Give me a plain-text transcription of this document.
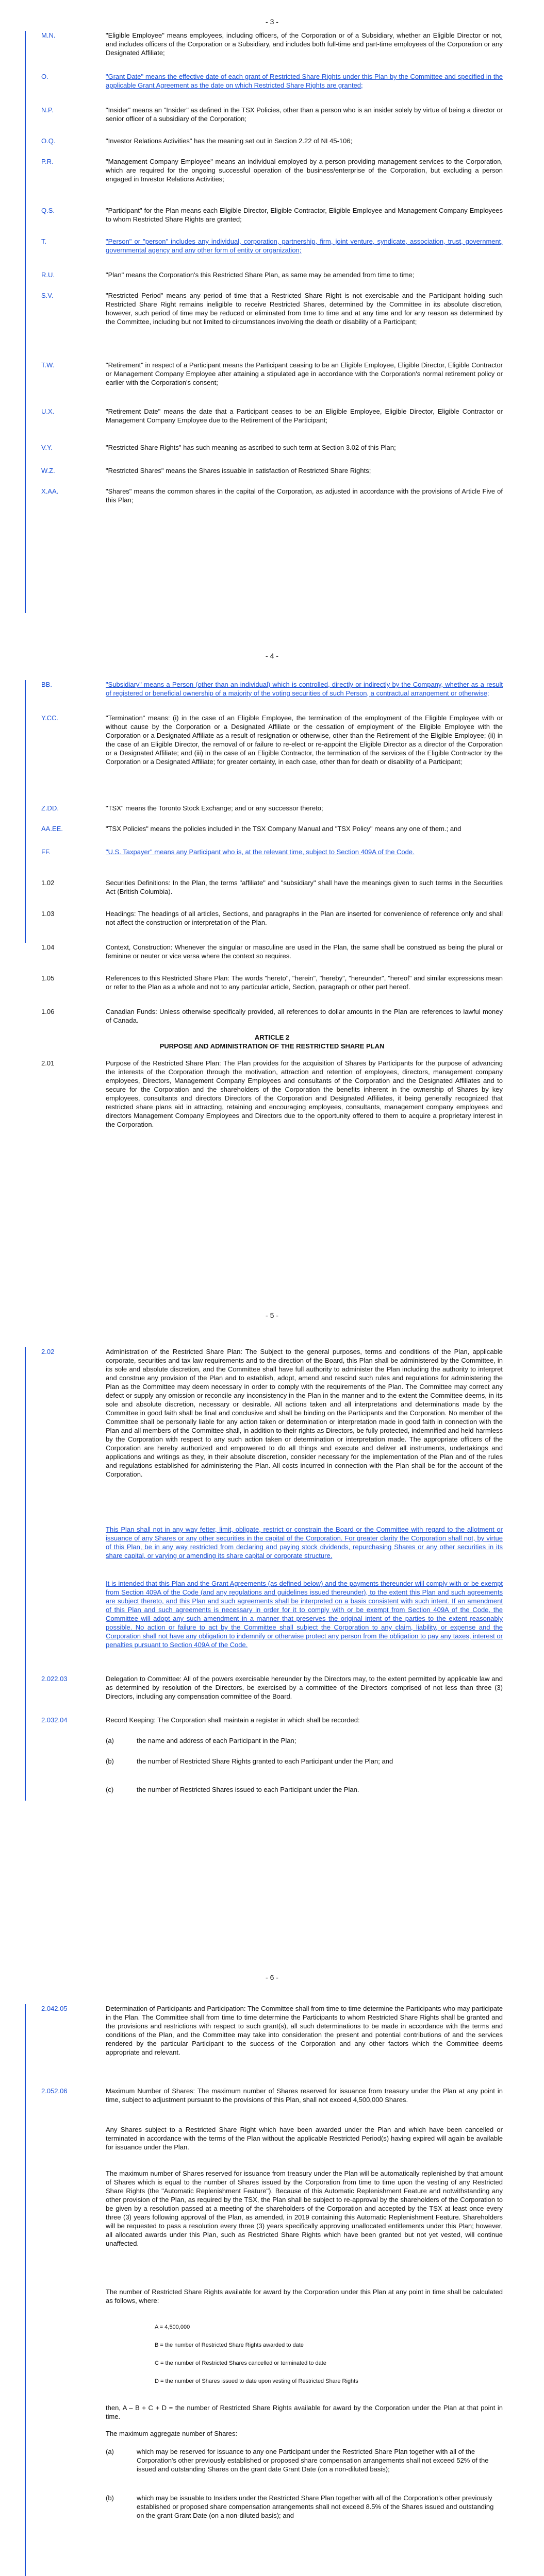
- 3 -

M.N.	"Eligible Employee" means employees, including officers, of the Corporation or of a Subsidiary, whether an Eligible Director or not, and includes officers of the Corporation or a Subsidiary, and includes both full-time and part-time employees of the Corporation or any Designated Affiliate;
O.	"Grant Date" means the effective date of each grant of Restricted Share Rights under this Plan by the Committee and specified in the applicable Grant Agreement as the date on which Restricted Share Rights are granted;
N.P.	"Insider" means an "Insider" as defined in the TSX Policies, other than a person who is an insider solely by virtue of being a director or senior officer of a subsidiary of the Corporation;
O.Q.	"Investor Relations Activities" has the meaning set out in Section 2.22 of NI 45-106;
P.R.	"Management Company Employee" means an individual employed by a person providing management services to the Corporation, which are required for the ongoing successful operation of the business/enterprise of the Corporation, but excluding a person engaged in Investor Relations Activities;
Q.S.	"Participant" for the Plan means each Eligible Director, Eligible Contractor, Eligible Employee and Management Company Employees to whom Restricted Share Rights are granted;
T.	"Person" or "person" includes any individual, corporation, partnership, firm, joint venture, syndicate, association, trust, government, governmental agency and any other form of entity or organization;
R.U.	"Plan" means the Corporation's this Restricted Share Plan, as same may be amended from time to time;
S.V.	"Restricted Period" means any period of time that a Restricted Share Right is not exercisable and the Participant holding such Restricted Share Right remains ineligible to receive Restricted Shares, determined by the Committee in its absolute discretion, however, such period of time may be reduced or eliminated from time to time and at any time and for any reason as determined by the Committee, including but not limited to circumstances involving the death or disability of a Participant;
T.W.	"Retirement" in respect of a Participant means the Participant ceasing to be an Eligible Employee, Eligible Director, Eligible Contractor or Management Company Employee after attaining a stipulated age in accordance with the Corporation's normal retirement policy or earlier with the Corporation's consent;
U.X.	"Retirement Date" means the date that a Participant ceases to be an Eligible Employee, Eligible Director, Eligible Contractor or Management Company Employee due to the Retirement of the Participant;
V.Y.	"Restricted Share Rights" has such meaning as ascribed to such term at Section 3.02 of this Plan;
W.Z.	"Restricted Shares" means the Shares issuable in satisfaction of Restricted Share Rights;
X.AA.	"Shares" means the common shares in the capital of the Corporation, as adjusted in accordance with the provisions of Article Five of this Plan;

- 4 -

BB.	"Subsidiary" means a Person (other than an individual) which is controlled, directly or indirectly by the Company, whether as a result of registered or beneficial ownership of a majority of the voting securities of such Person, a contractual arrangement or otherwise;
Y.CC.	"Termination" means: (i) in the case of an Eligible Employee, the termination of the employment of the Eligible Employee with or without cause by the Corporation or a Designated Affiliate or the cessation of employment of the Eligible Employee with the Corporation or a Designated Affiliate as a result of resignation or otherwise, other than the Retirement of the Eligible Employee; (ii) in the case of an Eligible Director, the removal of or failure to re-elect or re-appoint the Eligible Director as a director of the Corporation or a Designated Affiliate; and (iii) in the case of an Eligible Contractor, the termination of the services of the Eligible Contractor by the Corporation or a Designated Affiliate; for greater certainty, in each case, other than for death or disability of a Participant;
Z.DD.	"TSX" means the Toronto Stock Exchange; and or any successor thereto;
AA.EE.	"TSX Policies" means the policies included in the TSX Company Manual and "TSX Policy" means any one of them.; and
FF.	"U.S. Taxpayer" means any Participant who is, at the relevant time, subject to Section 409A of the Code.
1.02	Securities Definitions: In the Plan, the terms "affiliate" and "subsidiary" shall have the meanings given to such terms in the Securities Act (British Columbia).
1.03	Headings: The headings of all articles, Sections, and paragraphs in the Plan are inserted for convenience of reference only and shall not affect the construction or interpretation of the Plan.
1.04	Context, Construction: Whenever the singular or masculine are used in the Plan, the same shall be construed as being the plural or feminine or neuter or vice versa where the context so requires.
1.05	References to this Restricted Share Plan: The words "hereto", "herein", "hereby", "hereunder", "hereof" and similar expressions mean or refer to the Plan as a whole and not to any particular article, Section, paragraph or other part hereof.
1.06	Canadian Funds: Unless otherwise specifically provided, all references to dollar amounts in the Plan are references to lawful money of Canada.
ARTICLE 2
PURPOSE AND ADMINISTRATION OF THE RESTRICTED SHARE PLAN
2.01	Purpose of the Restricted Share Plan: The Plan provides for the acquisition of Shares by Participants for the purpose of advancing the interests of the Corporation through the motivation, attraction and retention of employees, directors, management company employees, Directors, Management Company Employees and consultants of the Corporation and the Designated Affiliates and to secure for the Corporation and the shareholders of the Corporation the benefits inherent in the ownership of Shares by key employees, consultants and directors Directors of the Corporation and Designated Affiliates, it being generally recognized that restricted share plans aid in attracting, retaining and encouraging employees, consultants, management company employees and directors Management Company Employees and Directors due to the opportunity offered to them to acquire a proprietary interest in the Corporation.

- 5 -

2.02	Administration of the Restricted Share Plan: The Subject to the general purposes, terms and conditions of the Plan, applicable corporate, securities and tax law requirements and to the direction of the Board, this Plan shall be administered by the Committee, in its sole and absolute discretion, and the Committee shall have full authority to administer the Plan including the authority to interpret and construe any provision of the Plan and to establish, adopt, amend and rescind such rules and regulations for administering the Plan as the Committee may deem necessary in order to comply with the requirements of the Plan. The Committee may correct any defect or supply any omission or reconcile any inconsistency in the Plan in the manner and to the extent the Committee deems, in its sole and absolute discretion, necessary or desirable. All actions taken and all interpretations and determinations made by the Committee in good faith shall be final and conclusive and shall be binding on the Participants and the Corporation. No member of the Committee shall be personally liable for any action taken or determination or interpretation made in good faith in connection with the Plan and all members of the Committee shall, in addition to their rights as Directors, be fully protected, indemnified and held harmless by the Corporation with respect to any such action taken or determination or interpretation made. The appropriate officers of the Corporation are hereby authorized and empowered to do all things and execute and deliver all instruments, undertakings and applications and writings as they, in their absolute discretion, consider necessary for the implementation of the Plan and of the rules and regulations established for administering the Plan. All costs incurred in connection with the Plan shall be for the account of the Corporation.
This Plan shall not in any way fetter, limit, obligate, restrict or constrain the Board or the Committee with regard to the allotment or issuance of any Shares or any other securities in the capital of the Corporation. For greater clarity the Corporation shall not, by virtue of this Plan, be in any way restricted from declaring and paying stock dividends, repurchasing Shares or any other securities in its share capital, or varying or amending its share capital or corporate structure.
It is intended that this Plan and the Grant Agreements (as defined below) and the payments thereunder will comply with or be exempt from Section 409A of the Code (and any regulations and guidelines issued thereunder), to the extent this Plan and such agreements are subject thereto, and this Plan and such agreements shall be interpreted on a basis consistent with such intent. If an amendment of this Plan and such agreements is necessary in order for it to comply with or be exempt from Section 409A of the Code, the Committee will adopt any such amendment in a manner that preserves the original intent of the parties to the extent reasonably possible. No action or failure to act by the Committee shall subject the Corporation to any claim, liability, or expense and the Corporation shall not have any obligation to indemnify or otherwise protect any person from the obligation to pay any taxes, interest or penalties pursuant to Section 409A of the Code.
2.022.03	Delegation to Committee: All of the powers exercisable hereunder by the Directors may, to the extent permitted by applicable law and as determined by resolution of the Directors, be exercised by a committee of the Directors comprised of not less than three (3) Directors, including any compensation committee of the Board.
2.032.04	Record Keeping: The Corporation shall maintain a register in which shall be recorded:
(a)	the name and address of each Participant in the Plan;
(b)	the number of Restricted Share Rights granted to each Participant under the Plan; and
(c)	the number of Restricted Shares issued to each Participant under the Plan.

- 6 -

2.042.05	Determination of Participants and Participation: The Committee shall from time to time determine the Participants who may participate in the Plan. The Committee shall from time to time determine the Participants to whom Restricted Share Rights shall be granted and the provisions and restrictions with respect to such grant(s), all such determinations to be made in accordance with the terms and conditions of the Plan, and the Committee may take into consideration the present and potential contributions of and the services rendered by the particular Participant to the success of the Corporation and any other factors which the Committee deems appropriate and relevant.
2.052.06	Maximum Number of Shares: The maximum number of Shares reserved for issuance from treasury under the Plan at any point in time, subject to adjustment pursuant to the provisions of this Plan, shall not exceed 4,500,000 Shares.
Any Shares subject to a Restricted Share Right which have been awarded under the Plan and which have been cancelled or terminated in accordance with the terms of the Plan without the applicable Restricted Period(s) having expired will again be available for issuance under the Plan.
The maximum number of Shares reserved for issuance from treasury under the Plan will be automatically replenished by that amount of Shares which is equal to the number of Shares issued by the Corporation from time to time upon the vesting of any Restricted Share Rights (the "Automatic Replenishment Feature"). Because of this Automatic Replenishment Feature and notwithstanding any other provision of the Plan, as required by the TSX, the Plan shall be subject to re-approval by the shareholders of the Corporation to be given by a resolution passed at a meeting of the shareholders of the Corporation and accepted by the TSX at least once every three (3) years following approval of the Plan, as amended, in 2019 containing this Automatic Replenishment Feature. Shareholders will be requested to pass a resolution every three (3) years specifically approving unallocated entitlements under this Plan; however, all allocated awards under this Plan, such as Restricted Share Rights which have been granted but not yet vested, will continue unaffected.
The number of Restricted Share Rights available for award by the Corporation under this Plan at any point in time shall be calculated as follows, where:
A = 4,500,000
B = the number of Restricted Share Rights awarded to date
C = the number of Restricted Shares cancelled or terminated to date
D = the number of Shares issued to date upon vesting of Restricted Share Rights
then, A – B + C + D = the number of Restricted Share Rights available for award by the Corporation under the Plan at that point in time.
The maximum aggregate number of Shares:
(a)	which may be reserved for issuance to any one Participant under the Restricted Share Plan together with all of the Corporation's other previously established or proposed share compensation arrangements shall not exceed 52% of the issued and outstanding Shares on the grant date Grant Date (on a non-diluted basis);
(b)	which may be issuable to Insiders under the Restricted Share Plan together with all of the Corporation's other previously established or proposed share compensation arrangements shall not exceed 8.5% of the Shares issued and outstanding on the grant Grant Date (on a non-diluted basis); and
